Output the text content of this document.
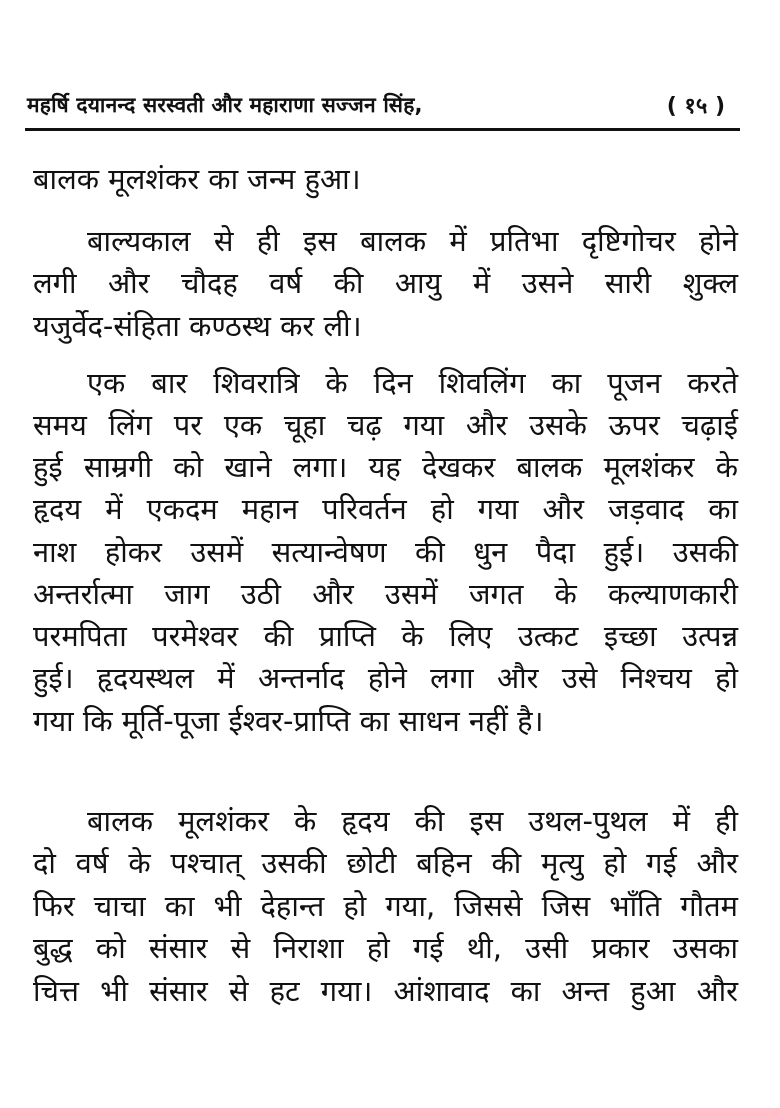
महर्षि दयानन्द सरस्वती और महाराणा सज्जन सिंह,	( १५ )
बालक मूलशंकर का जन्म हुआ।
बाल्यकाल से ही इस बालक में प्रतिभा दृष्टिगोचर होने
लगी और चौदह वर्ष की आयु में उसने सारी शुक्ल
यजुर्वेद-संहिता कण्ठस्थ कर ली।
एक बार शिवरात्रि के दिन शिवलिंग का पूजन करते
समय लिंग पर एक चूहा चढ़ गया और उसके ऊपर चढ़ाई
हुई साम्रगी को खाने लगा। यह देखकर बालक मूलशंकर के
हृदय में एकदम महान परिवर्तन हो गया और जड़वाद का
नाश होकर उसमें सत्यान्वेषण की धुन पैदा हुई। उसकी
अन्तर्रात्मा जाग उठी और उसमें जगत के कल्याणकारी
परमपिता परमेश्वर की प्राप्ति के लिए उत्कट इच्छा उत्पन्न
हुई। हृदयस्थल में अन्तर्नाद होने लगा और उसे निश्चय हो
गया कि मूर्ति-पूजा ईश्वर-प्राप्ति का साधन नहीं है।
बालक मूलशंकर के हृदय की इस उथल-पुथल में ही
दो वर्ष के पश्चात् उसकी छोटी बहिन की मृत्यु हो गई और
फिर चाचा का भी देहान्त हो गया, जिससे जिस भाँति गौतम
बुद्ध को संसार से निराशा हो गई थी, उसी प्रकार उसका
चित्त भी संसार से हट गया। आंशावाद का अन्त हुआ और
